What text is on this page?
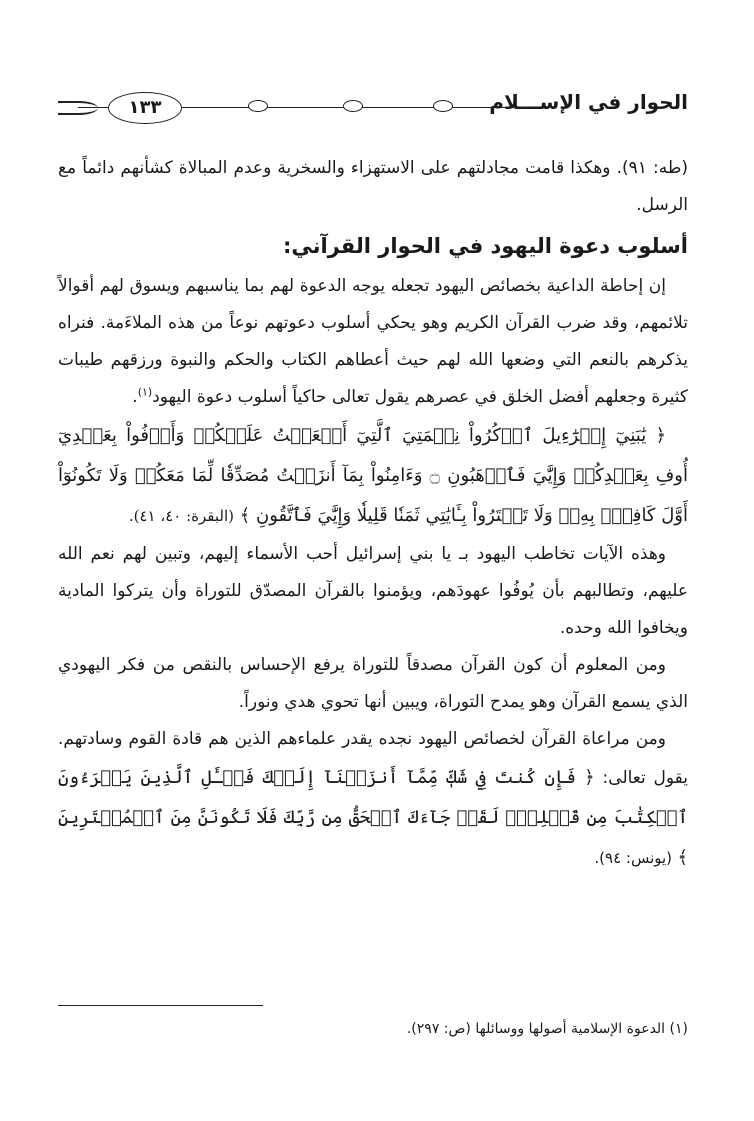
الحوار في الإســـلام
١٣٣

(طه: ٩١). وهكذا قامت مجادلتهم على الاستهزاء والسخرية وعدم المبالاة كشأنهم دائماً مع الرسل.

أسلوب دعوة اليهود في الحوار القرآني:

إن إحاطة الداعية بخصائص اليهود تجعله يوجه الدعوة لهم بما يناسبهم ويسوق لهم أقوالاً تلائمهم، وقد ضرب القرآن الكريم وهو يحكي أسلوب دعوتهم نوعاً من هذه الملاءَمة. فنراه يذكرهم بالنعم التي وضعها الله لهم حيث أعطاهم الكتاب والحكم والنبوة ورزقهم طيبات كثيرة وجعلهم أفضل الخلق في عصرهم يقول تعالى حاكياً أسلوب دعوة اليهود$^{(١)}$.

﴿ يَٰبَنِيٓ إِسۡرَٰٓءِيلَ ٱذۡكُرُواْ نِعۡمَتِيَ ٱلَّتِيٓ أَنۡعَمۡتُ عَلَيۡكُمۡ وَأَوۡفُواْ بِعَهۡدِيٓ أُوفِ بِعَهۡدِكُمۡ وَإِيَّٰيَ فَٱرۡهَبُونِ ۝ وَءَامِنُواْ بِمَآ أَنزَلۡتُ مُصَدِّقٗا لِّمَا مَعَكُمۡ وَلَا تَكُونُوٓاْ أَوَّلَ كَافِرِۭ بِهِۦۖ وَلَا تَشۡتَرُواْ بِـَٔايَٰتِي ثَمَنٗا قَلِيلٗا وَإِيَّٰيَ فَٱتَّقُونِ ﴾ (البقرة: ٤٠، ٤١).

وهذه الآيات تخاطب اليهود بـ يا بني إسرائيل أحب الأسماء إليهم، وتبين لهم نعم الله عليهم، وتطالبهم بأن يُوفُوا عهودَهم، ويؤمنوا بالقرآن المصدّق للتوراة وأن يتركوا المادية ويخافوا الله وحده.

ومن المعلوم أن كون القرآن مصدقاً للتوراة يرفع الإحساس بالنقص من فكر اليهودي الذي يسمع القرآن وهو يمدح التوراة، ويبين أنها تحوي هدي ونوراً.

ومن مراعاة القرآن لخصائص اليهود نجده يقدر علماءهم الذين هم قادة القوم وسادتهم. يقول تعالى: ﴿ فَإِن كُنتَ فِي شَكّٖ مِّمَّآ أَنزَلۡنَآ إِلَيۡكَ فَسۡـَٔلِ ٱلَّذِينَ يَقۡرَءُونَ ٱلۡكِتَٰبَ مِن قَبۡلِكَۚ لَقَدۡ جَآءَكَ ٱلۡحَقُّ مِن رَّبِّكَ فَلَا تَكُونَنَّ مِنَ ٱلۡمُمۡتَرِينَ ﴾ (يونس: ٩٤).

(١) الدعوة الإسلامية أصولها ووسائلها (ص: ٢٩٧).
